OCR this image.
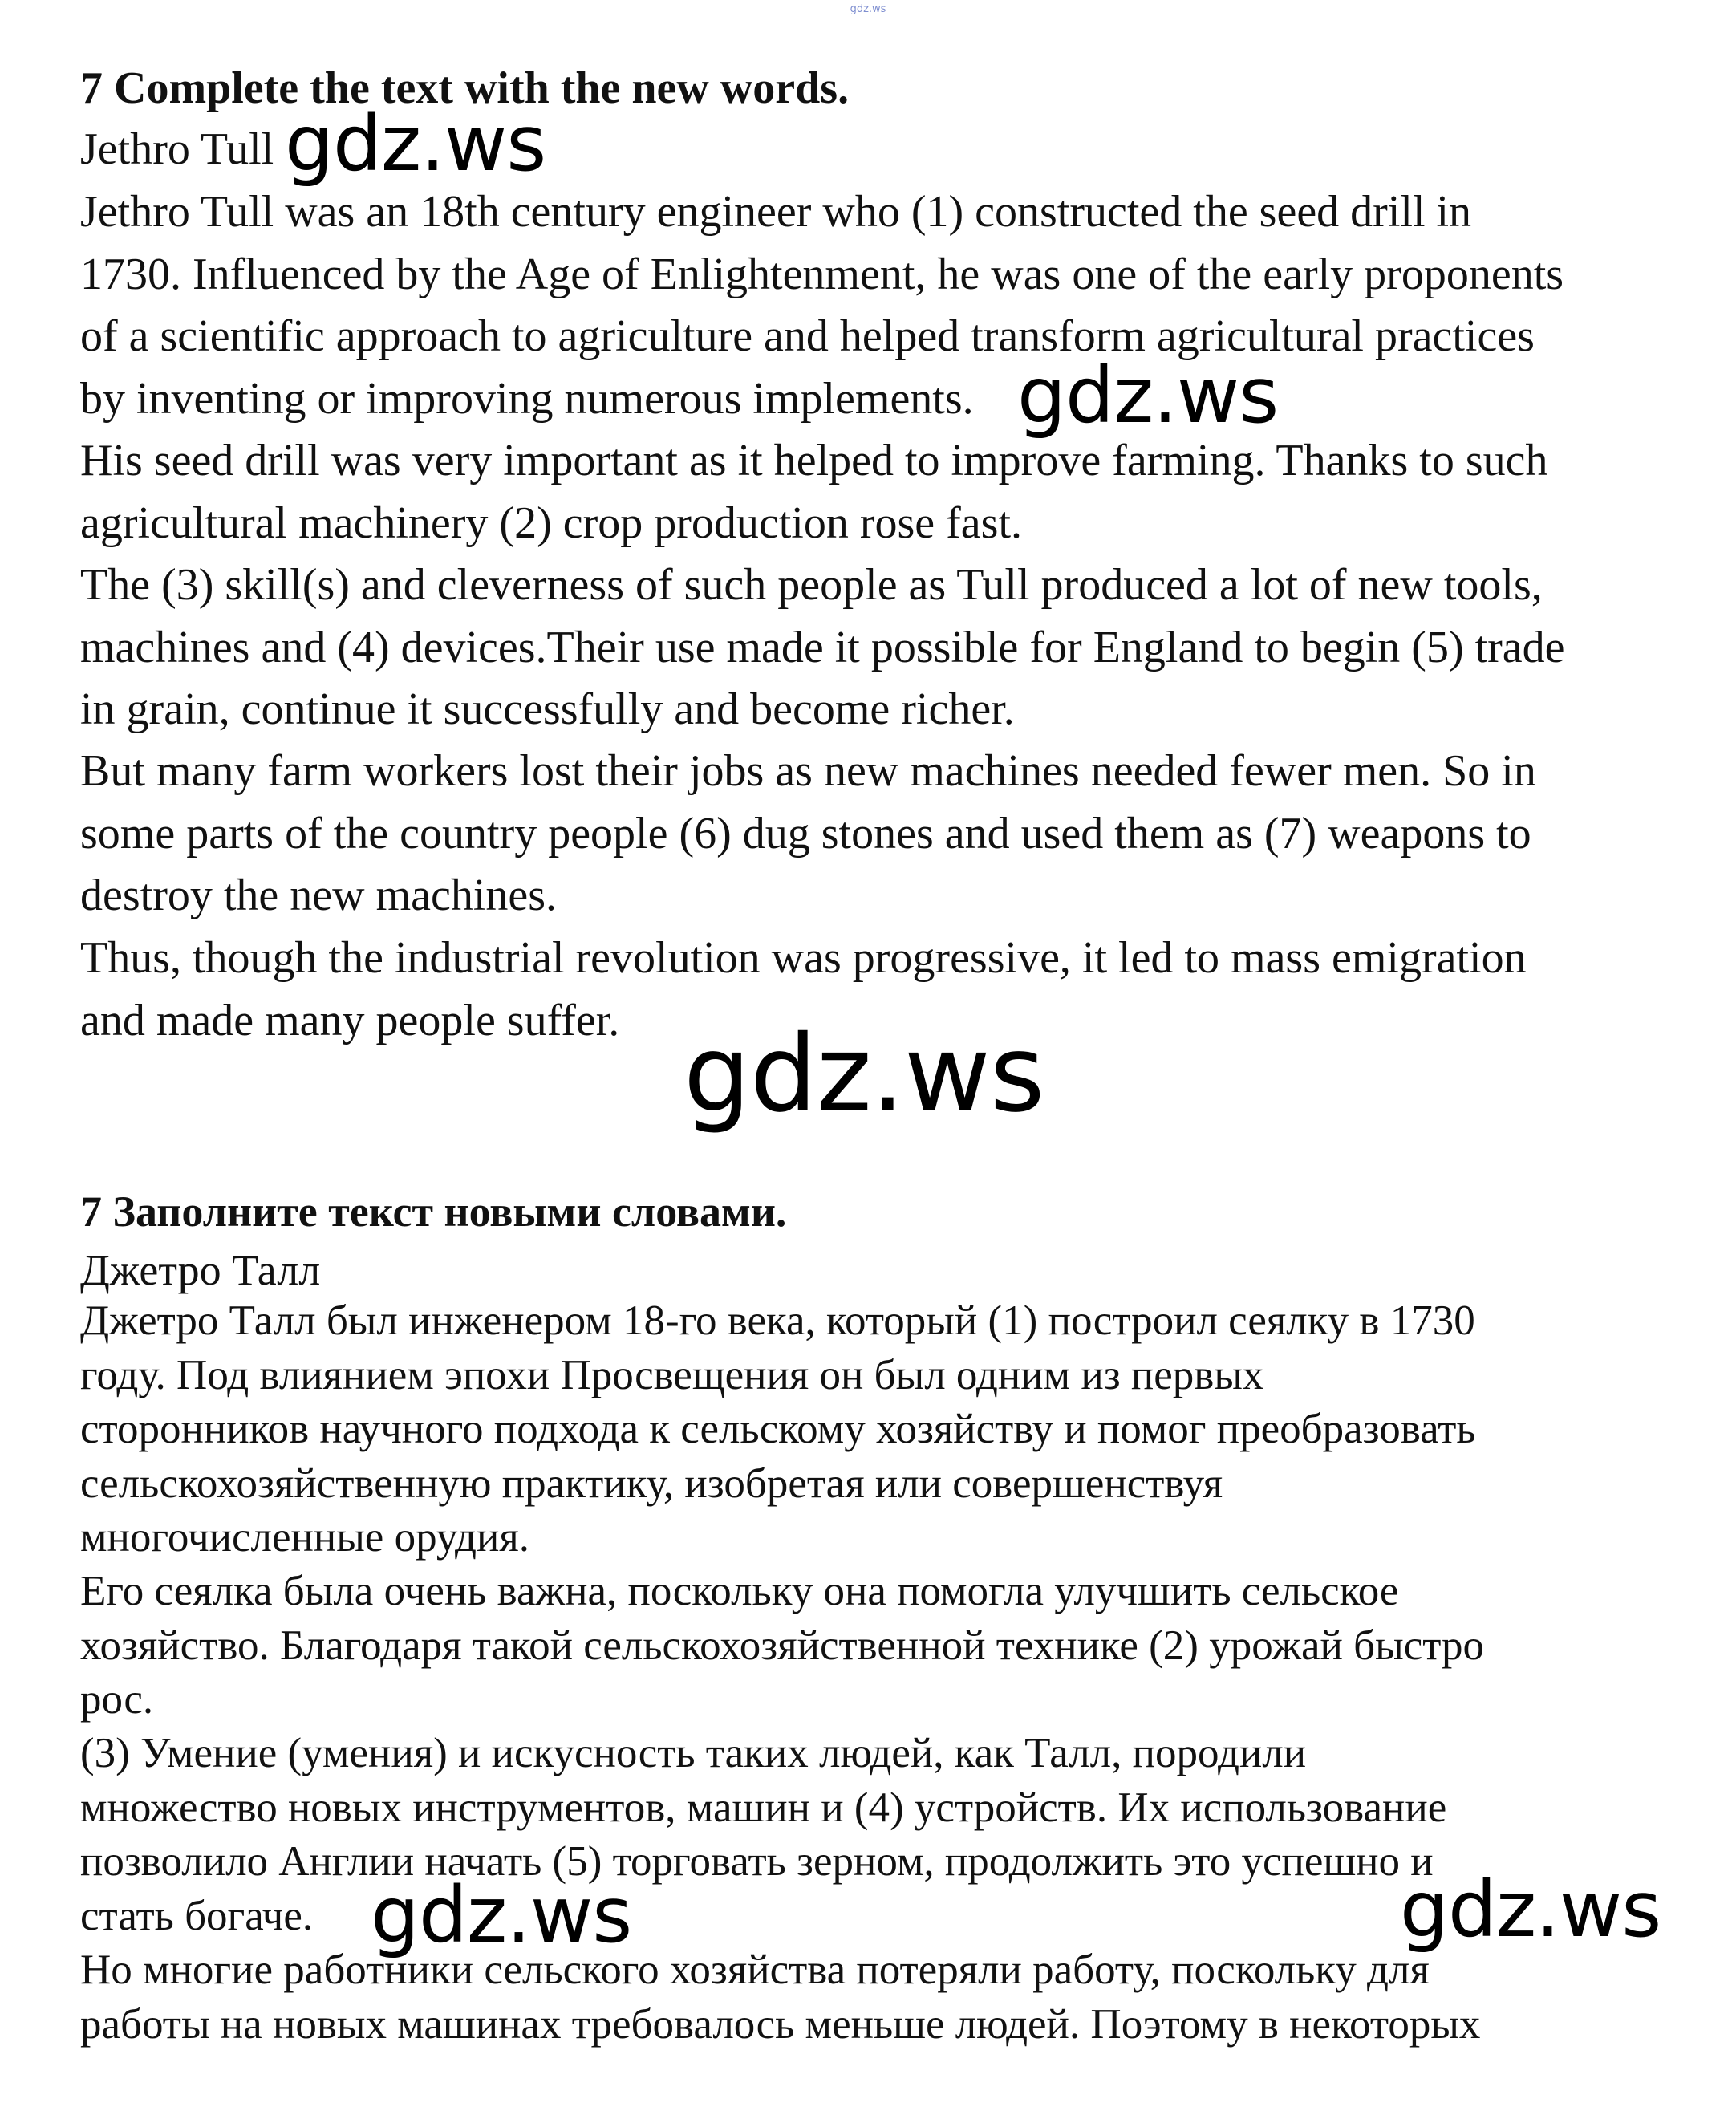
gdz.ws
7 Complete the text with the new words.
Jethro Tull

Jethro Tull was an 18th century engineer who (1) constructed the seed drill in
1730. Influenced by the Age of Enlightenment, he was one of the early proponents
of a scientific approach to agriculture and helped transform agricultural practices
by inventing or improving numerous implements.

His seed drill was very important as it helped to improve farming. Thanks to such
agricultural machinery (2) crop production rose fast.

The (3) skill(s) and cleverness of such people as Tull produced a lot of new tools,
machines and (4) devices.Their use made it possible for England to begin (5) trade
in grain, continue it successfully and become richer.

But many farm workers lost their jobs as new machines needed fewer men. So in
some parts of the country people (6) dug stones and used them as (7) weapons to
destroy the new machines.

Thus, though the industrial revolution was progressive, it led to mass emigration
and made many people suffer.

7 Заполните текст новыми словами.
Джетро Талл

Джетро Талл был инженером 18-го века, который (1) построил сеялку в 1730
году. Под влиянием эпохи Просвещения он был одним из первых
сторонников научного подхода к сельскому хозяйству и помог преобразовать
сельскохозяйственную практику, изобретая или совершенствуя
многочисленные орудия.

Его сеялка была очень важна, поскольку она помогла улучшить сельское
хозяйство. Благодаря такой сельскохозяйственной технике (2) урожай быстро
рос.

(3) Умение (умения) и искусность таких людей, как Талл, породили
множество новых инструментов, машин и (4) устройств. Их использование
позволило Англии начать (5) торговать зерном, продолжить это успешно и
стать богаче.

Но многие работники сельского хозяйства потеряли работу, поскольку для
работы на новых машинах требовалось меньше людей. Поэтому в некоторых

gdz.ws
gdz.ws
gdz.ws
gdz.ws	gdz.ws
